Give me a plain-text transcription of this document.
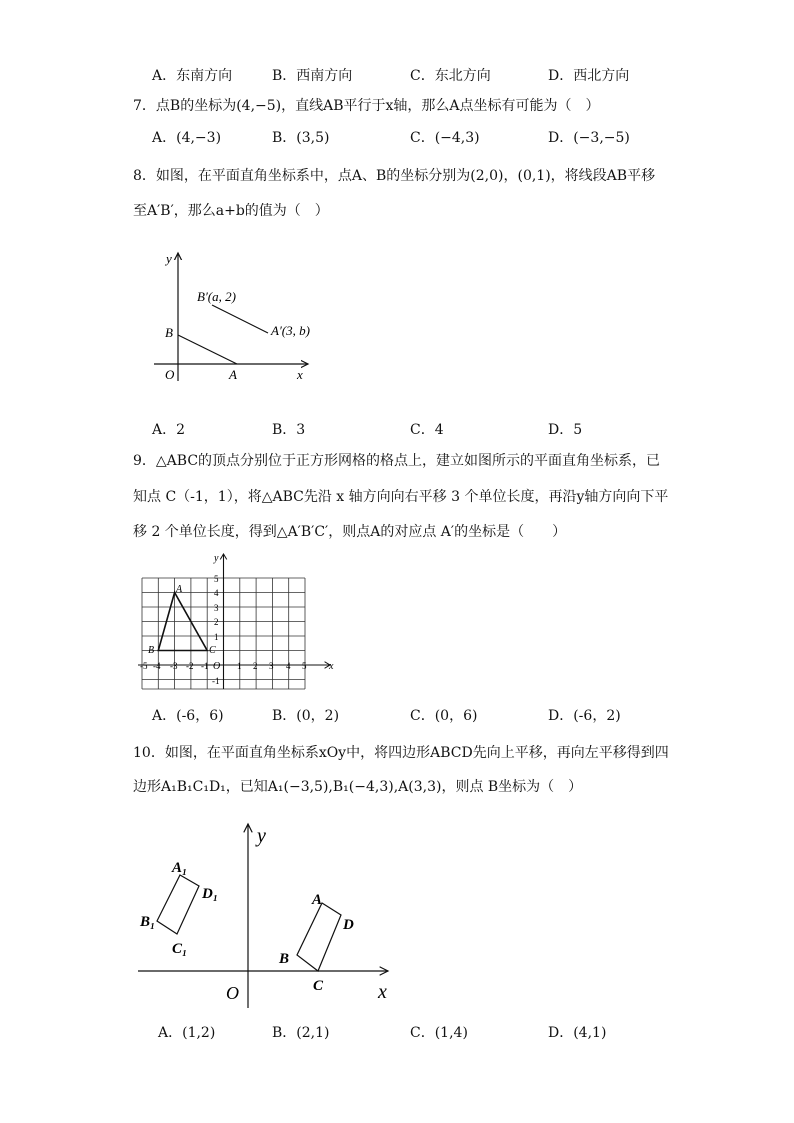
A．东南方向	B．西南方向	C．东北方向	D．西北方向
7．点B的坐标为(4,−5)，直线AB平行于x轴，那么A点坐标有可能为（　）
A．(4,−3)	B．(3,5)	C．(−4,3)	D．(−3,−5)
8．如图，在平面直角坐标系中，点A、B的坐标分别为(2,0)，(0,1)，将线段AB平移
至A′B′，那么a+b的值为（　）
y
x
O	A
B
B′(a, 2)
A′(3, b)
A．2	B．3	C．4	D．5
9．△ABC的顶点分别位于正方形网格的格点上，建立如图所示的平面直角坐标系，已
知点 C（-1，1），将△ABC先沿 x 轴方向向右平移 3 个单位长度，再沿y轴方向向下平
移 2 个单位长度，得到△A′B′C′，则点A的对应点 A′的坐标是（　　）
y
x
O
A
B	C
-5 -4 -3 -2 -1	1 2 3 4 5
5
4
3
2
1
-1
A．(-6，6)	B．(0，2)	C．(0，6)	D．(-6，2)
10．如图，在平面直角坐标系xOy中，将四边形ABCD先向上平移，再向左平移得到四
边形A₁B₁C₁D₁，已知A₁(−3,5),B₁(−4,3),A(3,3)，则点 B坐标为（　）
y
x
O
A₁
D₁
B₁
C₁
A
D
B
C
A．(1,2)	B．(2,1)	C．(1,4)	D．(4,1)
